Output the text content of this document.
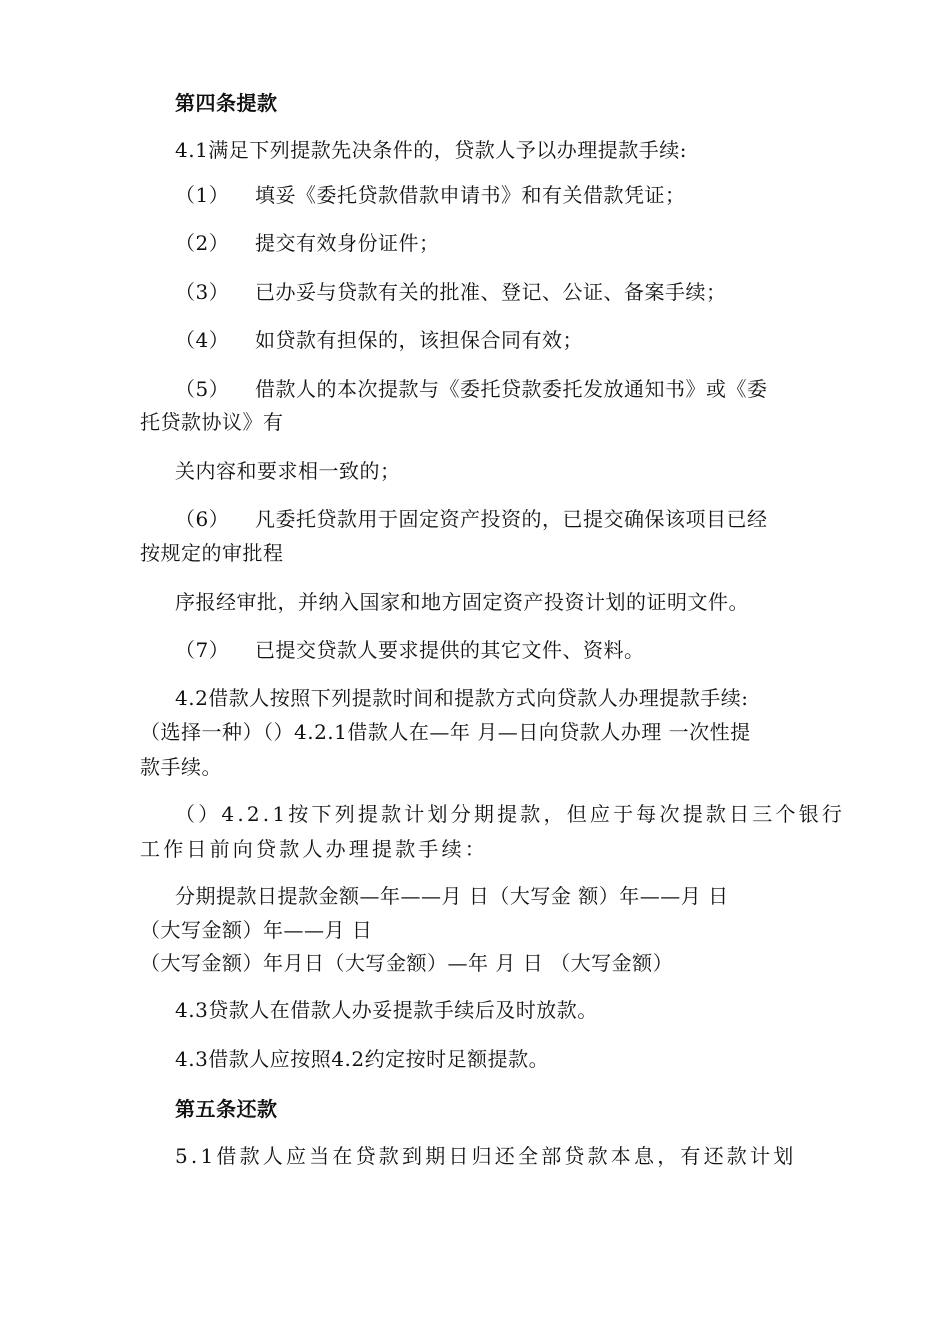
第四条提款
4.1满足下列提款先决条件的，贷款人予以办理提款手续:
（1） 填妥《委托贷款借款申请书》和有关借款凭证；
（2） 提交有效身份证件；
（3） 已办妥与贷款有关的批准、登记、公证、备案手续；
（4） 如贷款有担保的，该担保合同有效；
（5） 借款人的本次提款与《委托贷款委托发放通知书》或《委
托贷款协议》有
关内容和要求相一致的；
（6） 凡委托贷款用于固定资产投资的，已提交确保该项目已经
按规定的审批程
序报经审批，并纳入国家和地方固定资产投资计划的证明文件。
（7） 已提交贷款人要求提供的其它文件、资料。
4.2借款人按照下列提款时间和提款方式向贷款人办理提款手续:
（选择一种）（）4.2.1借款人在—年 月—日向贷款人办理 一次性提
款手续。
（）4.2.1按下列提款计划分期提款，但应于每次提款日三个银行
工作日前向贷款人办理提款手续：
分期提款日提款金额—年——月 日（大写金 额）年——月 日
（大写金额）年——月 日
（大写金额）年月日（大写金额）—年 月 日 （大写金额）
4.3贷款人在借款人办妥提款手续后及时放款。
4.3借款人应按照4.2约定按时足额提款。
第五条还款
5.1借款人应当在贷款到期日归还全部贷款本息，有还款计划
